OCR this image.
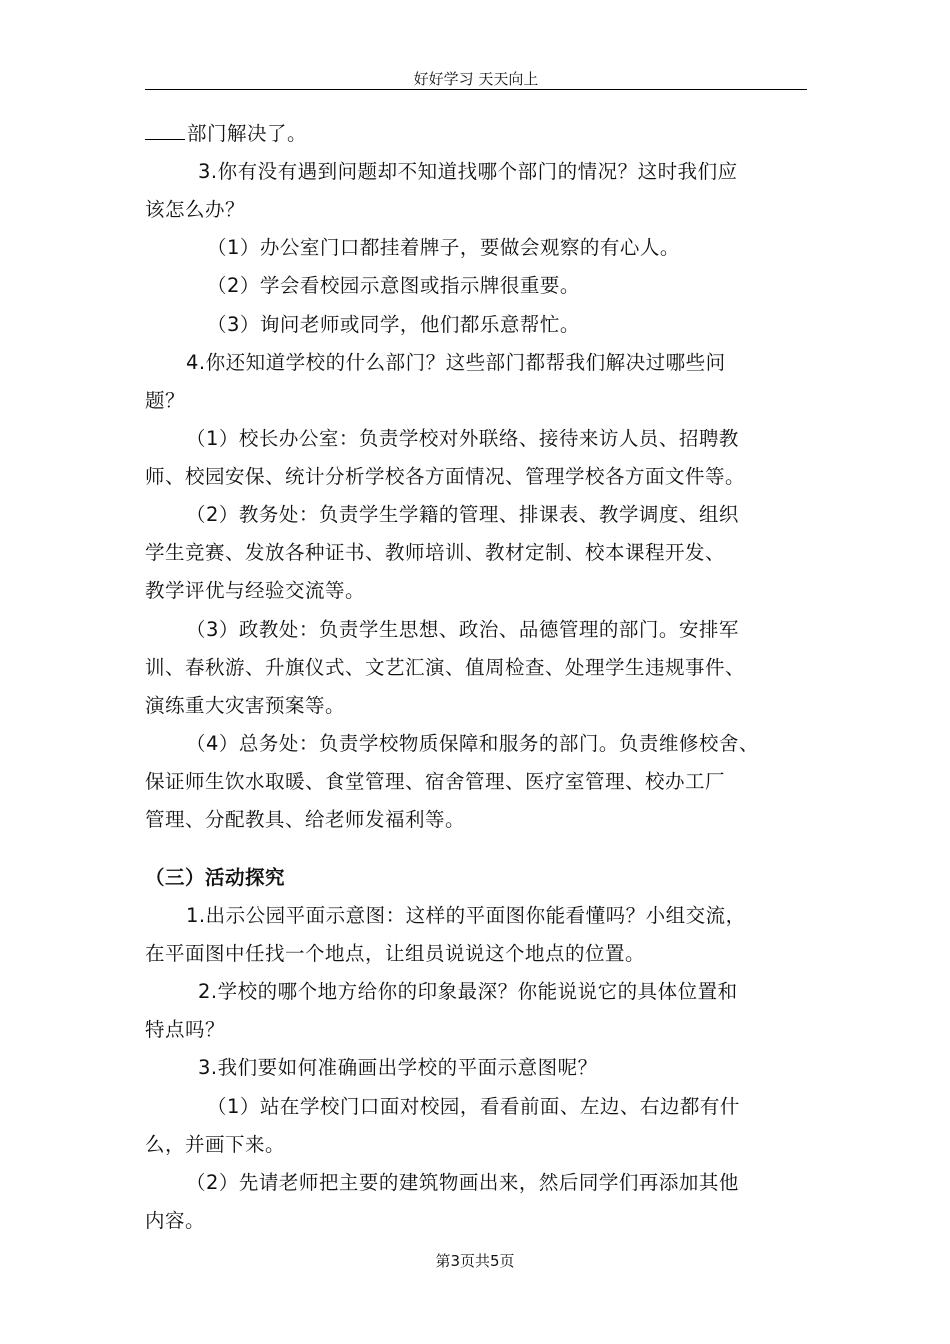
好好学习 天天向上
部门解决了。
3.你有没有遇到问题却不知道找哪个部门的情况？这时我们应
该怎么办？
（1）办公室门口都挂着牌子，要做会观察的有心人。
（2）学会看校园示意图或指示牌很重要。
（3）询问老师或同学，他们都乐意帮忙。
4.你还知道学校的什么部门？这些部门都帮我们解决过哪些问
题？
（1）校长办公室：负责学校对外联络、接待来访人员、招聘教
师、校园安保、统计分析学校各方面情况、管理学校各方面文件等。
（2）教务处：负责学生学籍的管理、排课表、教学调度、组织
学生竞赛、发放各种证书、教师培训、教材定制、校本课程开发、
教学评优与经验交流等。
（3）政教处：负责学生思想、政治、品德管理的部门。安排军
训、春秋游、升旗仪式、文艺汇演、值周检查、处理学生违规事件、
演练重大灾害预案等。
（4）总务处：负责学校物质保障和服务的部门。负责维修校舍、
保证师生饮水取暖、食堂管理、宿舍管理、医疗室管理、校办工厂
管理、分配教具、给老师发福利等。
（三）活动探究
1.出示公园平面示意图：这样的平面图你能看懂吗？小组交流，
在平面图中任找一个地点，让组员说说这个地点的位置。
2.学校的哪个地方给你的印象最深？你能说说它的具体位置和
特点吗？
3.我们要如何准确画出学校的平面示意图呢？
（1）站在学校门口面对校园，看看前面、左边、右边都有什
么，并画下来。
（2）先请老师把主要的建筑物画出来，然后同学们再添加其他
内容。
第3页共5页
